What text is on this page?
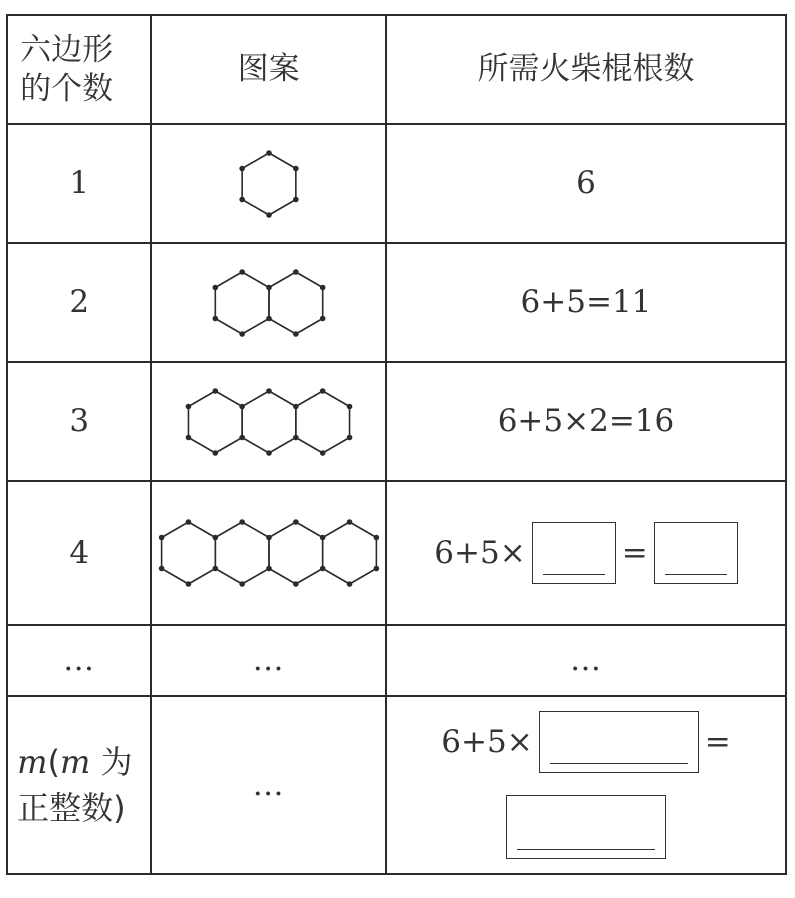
六边形的个数	图案	所需火柴棍根数
1		6
2		6+5=11
3		6+5×2=16
4		6+5× =

…	…	…
m(m 为
正整数)	…	6+5× =
